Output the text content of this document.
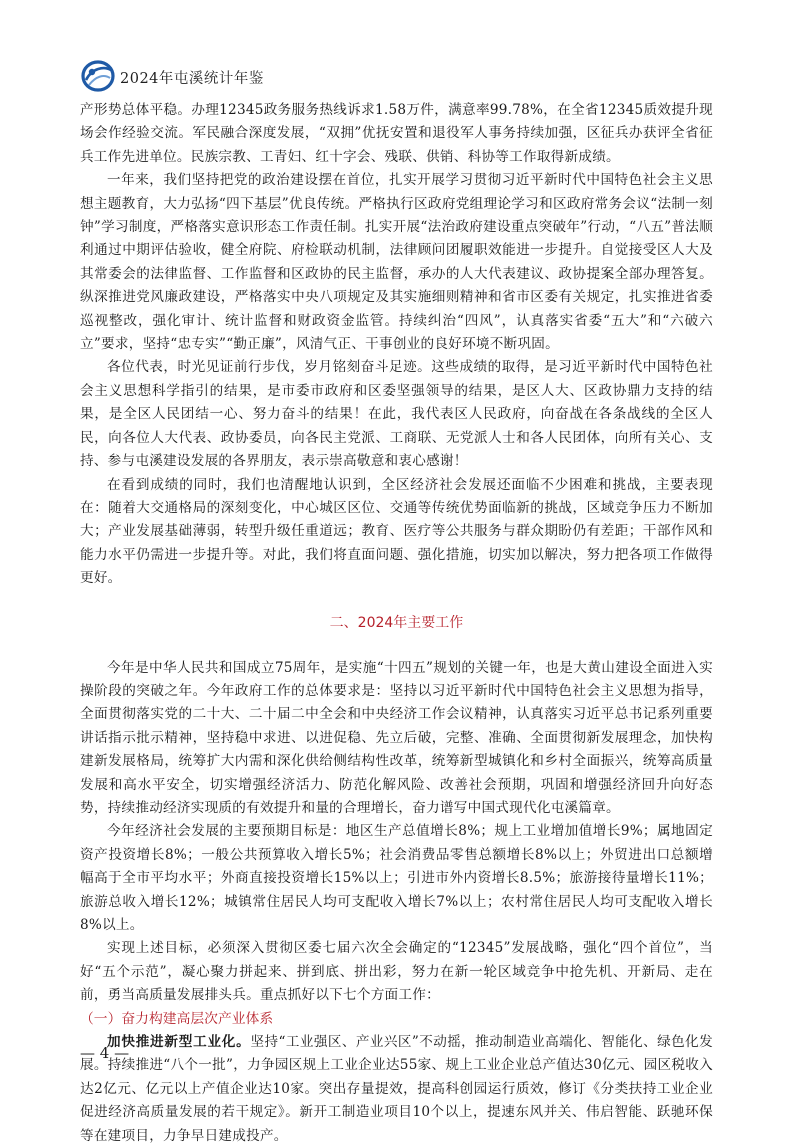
2024年屯溪统计年鉴

产形势总体平稳。办理12345政务服务热线诉求1.58万件，满意率99.78%，在全省12345质效提升现场会作经验交流。军民融合深度发展，“双拥”优抚安置和退役军人事务持续加强，区征兵办获评全省征兵工作先进单位。民族宗教、工青妇、红十字会、残联、供销、科协等工作取得新成绩。

一年来，我们坚持把党的政治建设摆在首位，扎实开展学习贯彻习近平新时代中国特色社会主义思想主题教育，大力弘扬“四下基层”优良传统。严格执行区政府党组理论学习和区政府常务会议“法制一刻钟”学习制度，严格落实意识形态工作责任制。扎实开展“法治政府建设重点突破年”行动，“八五”普法顺利通过中期评估验收，健全府院、府检联动机制，法律顾问团履职效能进一步提升。自觉接受区人大及其常委会的法律监督、工作监督和区政协的民主监督，承办的人大代表建议、政协提案全部办理答复。纵深推进党风廉政建设，严格落实中央八项规定及其实施细则精神和省市区委有关规定，扎实推进省委巡视整改，强化审计、统计监督和财政资金监管。持续纠治“四风”，认真落实省委“五大”和“六破六立”要求，坚持“忠专实”“勤正廉”，风清气正、干事创业的良好环境不断巩固。

各位代表，时光见证前行步伐，岁月铭刻奋斗足迹。这些成绩的取得，是习近平新时代中国特色社会主义思想科学指引的结果，是市委市政府和区委坚强领导的结果，是区人大、区政协鼎力支持的结果，是全区人民团结一心、努力奋斗的结果！在此，我代表区人民政府，向奋战在各条战线的全区人民，向各位人大代表、政协委员，向各民主党派、工商联、无党派人士和各人民团体，向所有关心、支持、参与屯溪建设发展的各界朋友，表示崇高敬意和衷心感谢！

在看到成绩的同时，我们也清醒地认识到，全区经济社会发展还面临不少困难和挑战，主要表现在：随着大交通格局的深刻变化，中心城区区位、交通等传统优势面临新的挑战，区域竞争压力不断加大；产业发展基础薄弱，转型升级任重道远；教育、医疗等公共服务与群众期盼仍有差距；干部作风和能力水平仍需进一步提升等。对此，我们将直面问题、强化措施，切实加以解决，努力把各项工作做得更好。

二、2024年主要工作

今年是中华人民共和国成立75周年，是实施“十四五”规划的关键一年，也是大黄山建设全面进入实操阶段的突破之年。今年政府工作的总体要求是：坚持以习近平新时代中国特色社会主义思想为指导，全面贯彻落实党的二十大、二十届二中全会和中央经济工作会议精神，认真落实习近平总书记系列重要讲话指示批示精神，坚持稳中求进、以进促稳、先立后破，完整、准确、全面贯彻新发展理念，加快构建新发展格局，统筹扩大内需和深化供给侧结构性改革，统筹新型城镇化和乡村全面振兴，统筹高质量发展和高水平安全，切实增强经济活力、防范化解风险、改善社会预期，巩固和增强经济回升向好态势，持续推动经济实现质的有效提升和量的合理增长，奋力谱写中国式现代化屯溪篇章。

今年经济社会发展的主要预期目标是：地区生产总值增长8%；规上工业增加值增长9%；属地固定资产投资增长8%；一般公共预算收入增长5%；社会消费品零售总额增长8%以上；外贸进出口总额增幅高于全市平均水平；外商直接投资增长15%以上；引进市外内资增长8.5%；旅游接待量增长11%；旅游总收入增长12%；城镇常住居民人均可支配收入增长7%以上；农村常住居民人均可支配收入增长8%以上。

实现上述目标，必须深入贯彻区委七届六次全会确定的“12345”发展战略，强化“四个首位”，当好“五个示范”，凝心聚力拼起来、拼到底、拼出彩，努力在新一轮区域竞争中抢先机、开新局、走在前，勇当高质量发展排头兵。重点抓好以下七个方面工作：

（一）奋力构建高层次产业体系

加快推进新型工业化。坚持“工业强区、产业兴区”不动摇，推动制造业高端化、智能化、绿色化发展。持续推进“八个一批”，力争园区规上工业企业达55家、规上工业企业总产值达30亿元、园区税收入达2亿元、亿元以上产值企业达10家。突出存量提效，提高科创园运行质效，修订《分类扶持工业企业促进经济高质量发展的若干规定》。新开工制造业项目10个以上，提速东风并关、伟启智能、跃驰环保等在建项目，力争早日建成投产。

— 4 —
